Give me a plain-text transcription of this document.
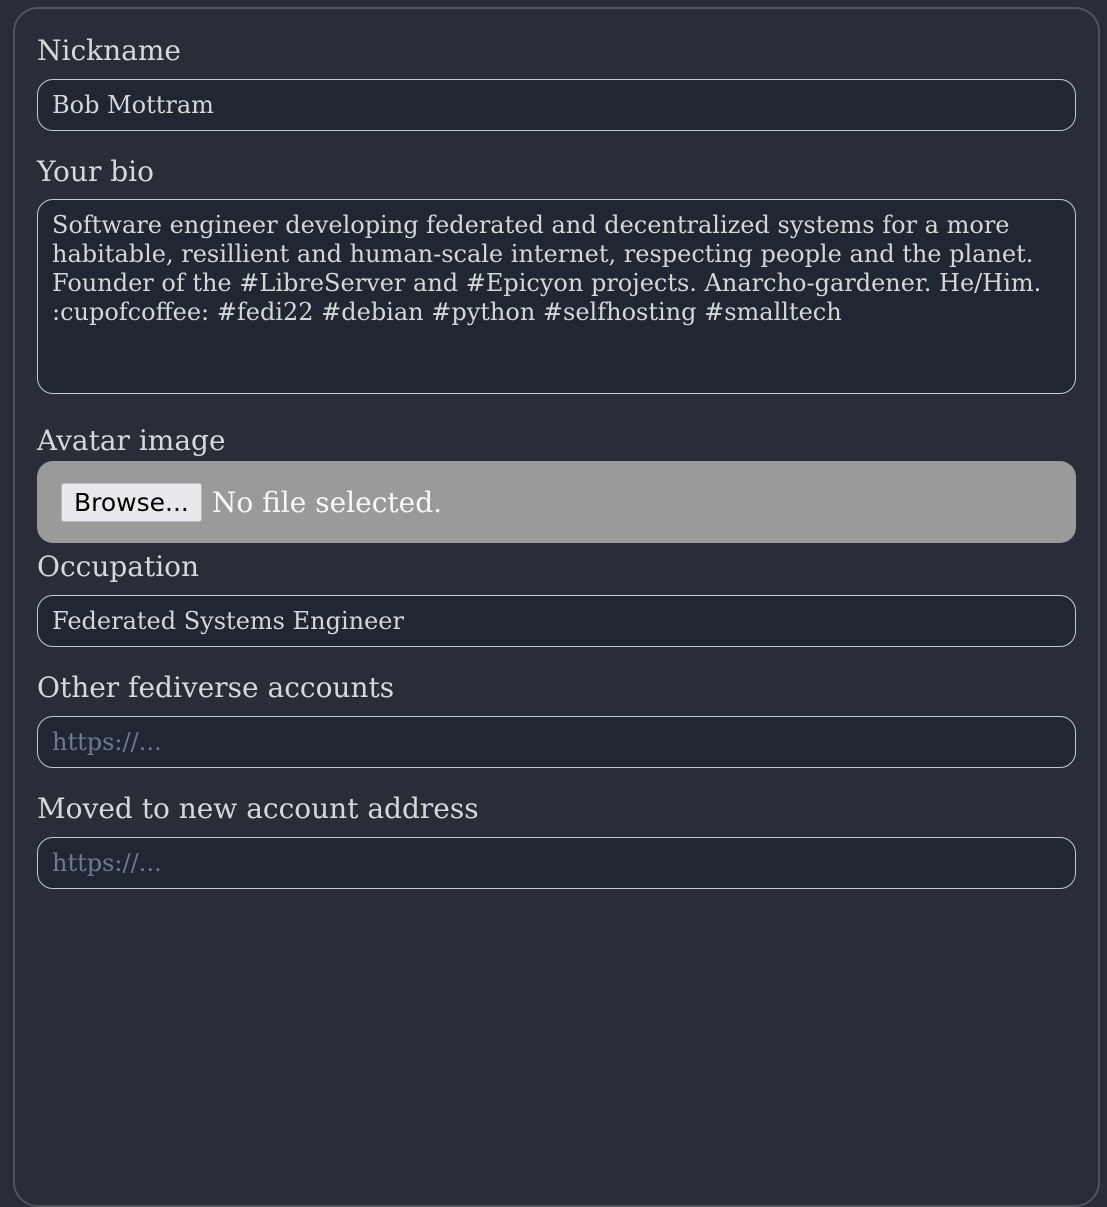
Nickname
Bob Mottram
Your bio
Software engineer developing federated and decentralized systems for a more habitable, resillient and human-scale internet, respecting people and the planet. Founder of the #LibreServer and #Epicyon projects. Anarcho-gardener. He/Him. :cupofcoffee: #fedi22 #debian #python #selfhosting #smalltech
Avatar image
Browse... No file selected.
Occupation
Federated Systems Engineer
Other fediverse accounts
https://...
Moved to new account address
https://...
